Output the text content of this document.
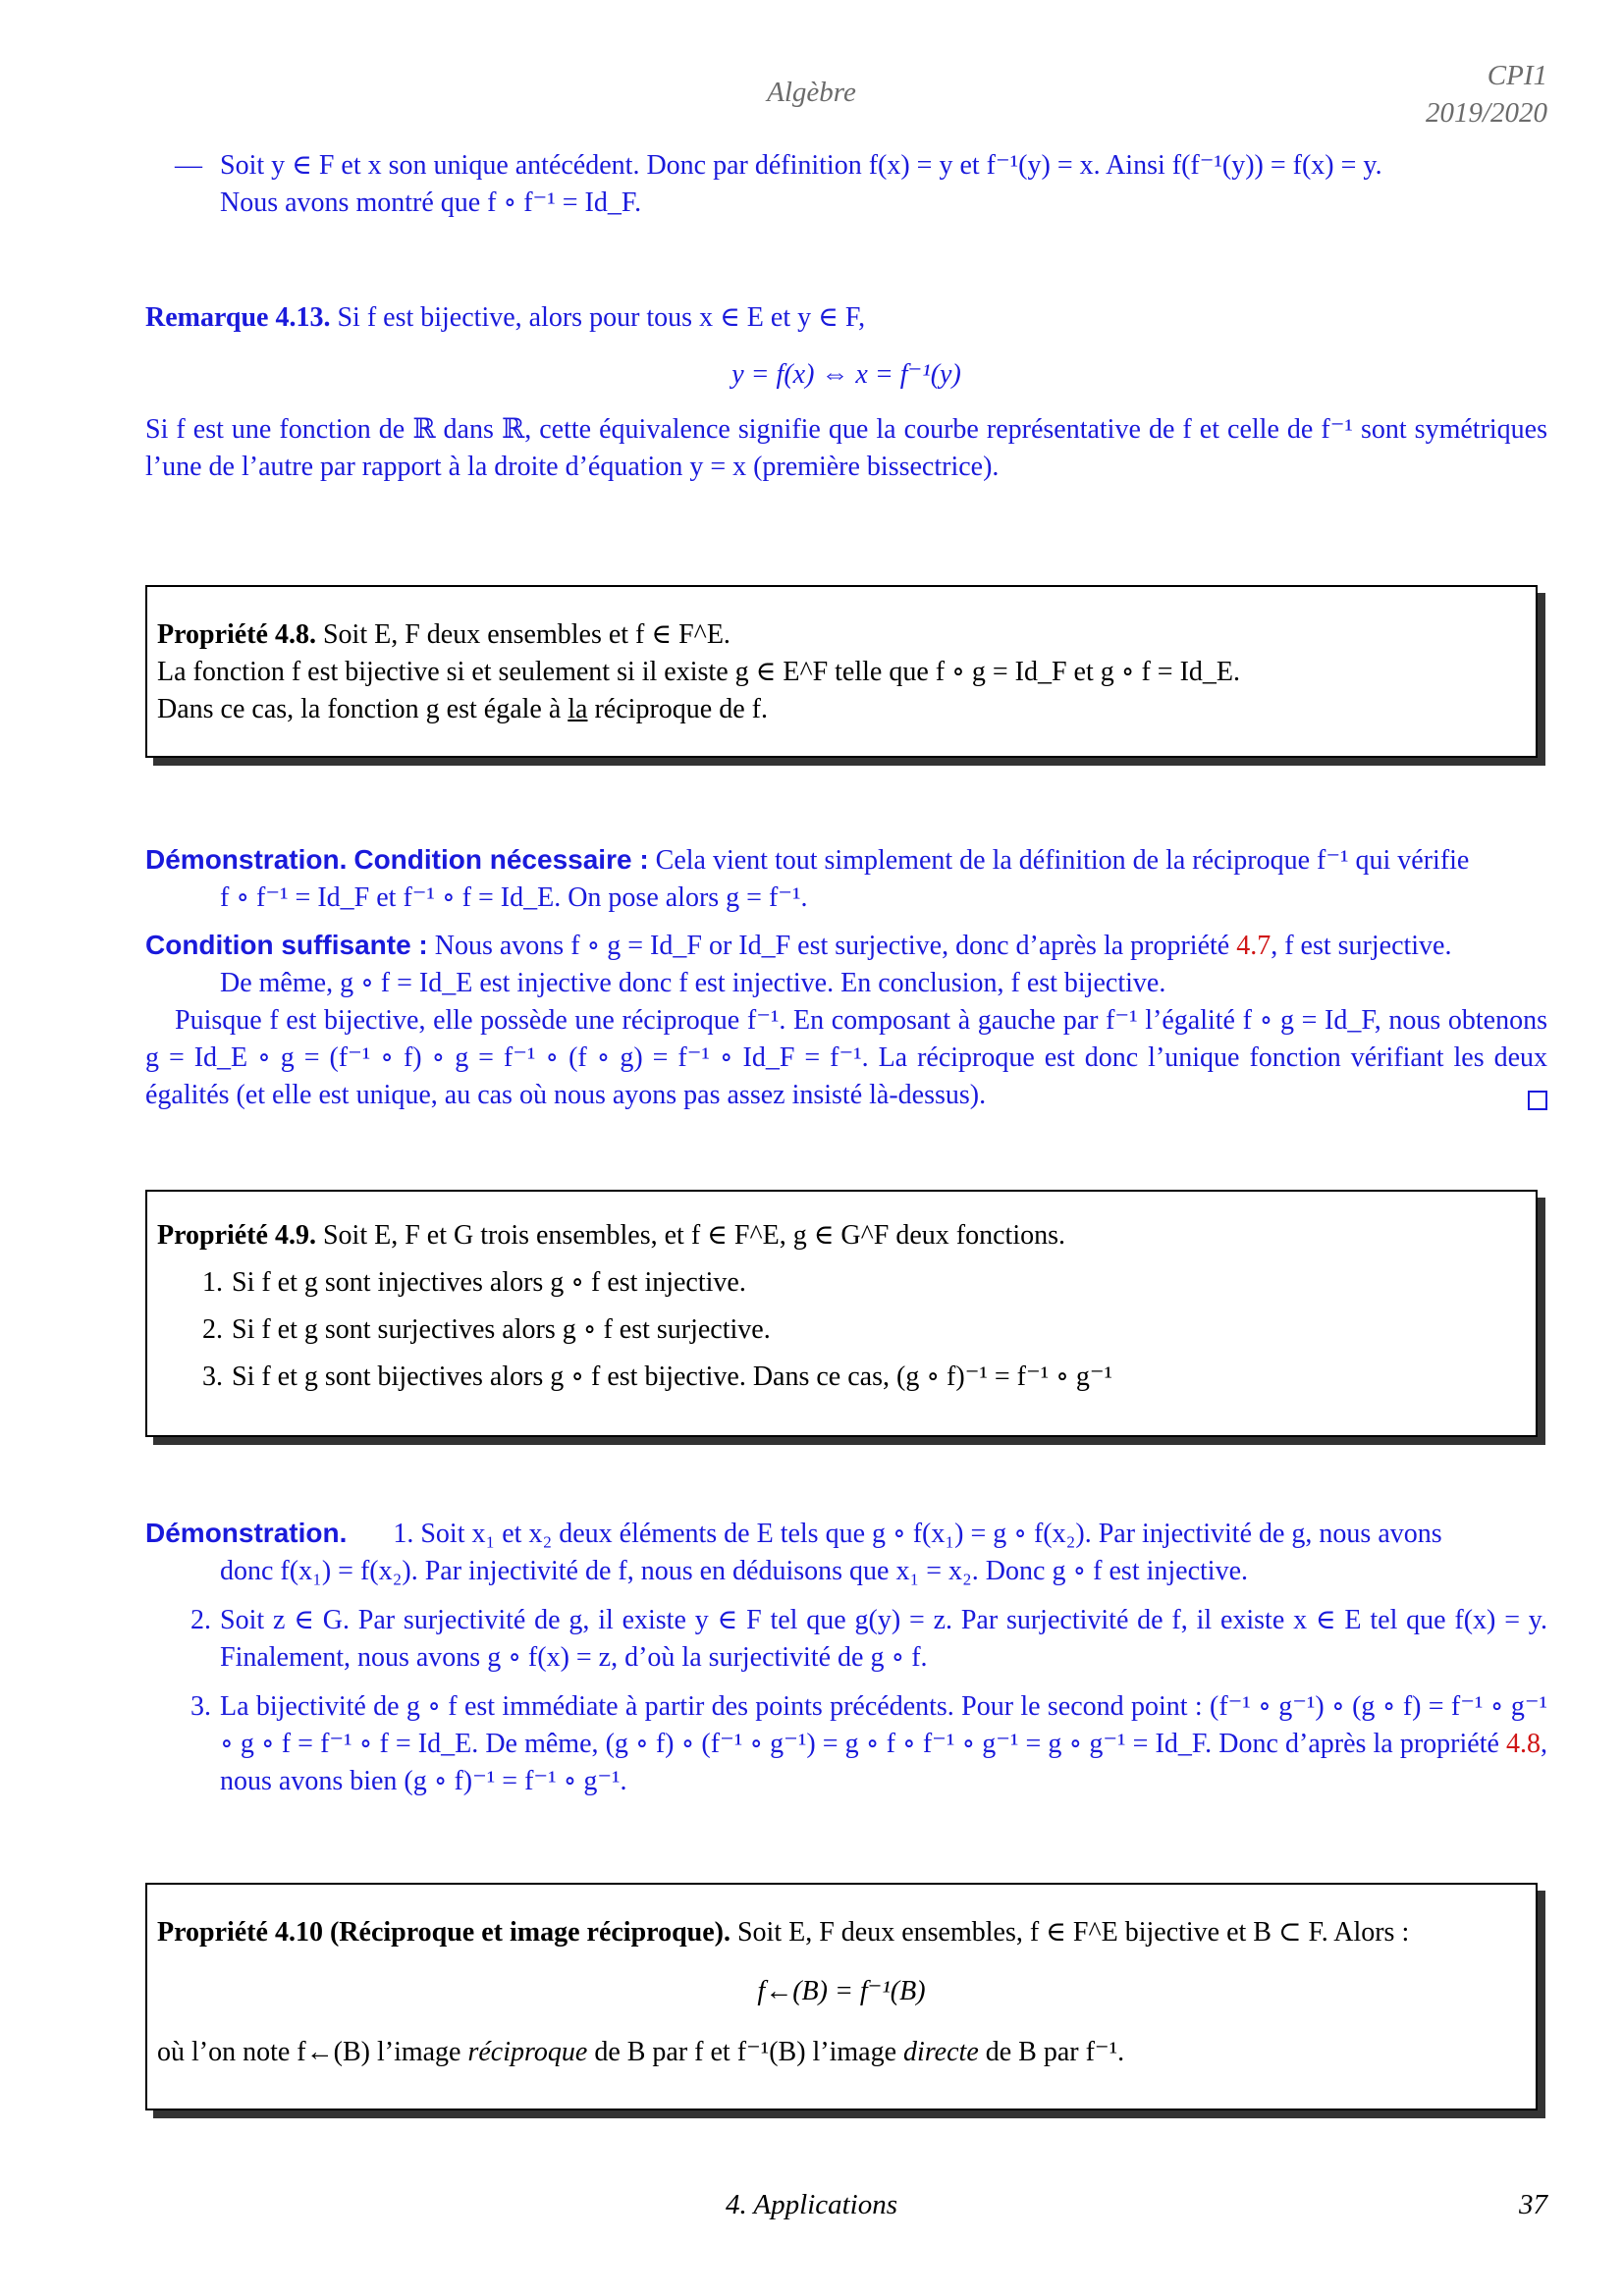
Algèbre
CPI1
2019/2020
— Soit y ∈ F et x son unique antécédent. Donc par définition f(x) = y et f⁻¹(y) = x. Ainsi f(f⁻¹(y)) = f(x) = y.
Nous avons montré que f ∘ f⁻¹ = Id_F.
Remarque 4.13. Si f est bijective, alors pour tous x ∈ E et y ∈ F,
y = f(x) ⇔ x = f⁻¹(y)
Si f est une fonction de ℝ dans ℝ, cette équivalence signifie que la courbe représentative de f et celle de f⁻¹ sont symétriques l’une de l’autre par rapport à la droite d’équation y = x (première bissectrice).
Propriété 4.8. Soit E, F deux ensembles et f ∈ F^E.
La fonction f est bijective si et seulement si il existe g ∈ E^F telle que f ∘ g = Id_F et g ∘ f = Id_E.
Dans ce cas, la fonction g est égale à la réciproque de f.
Démonstration. Condition nécessaire : Cela vient tout simplement de la définition de la réciproque f⁻¹ qui vérifie
f ∘ f⁻¹ = Id_F et f⁻¹ ∘ f = Id_E. On pose alors g = f⁻¹.
Condition suffisante : Nous avons f ∘ g = Id_F or Id_F est surjective, donc d’après la propriété 4.7, f est surjective.
De même, g ∘ f = Id_E est injective donc f est injective. En conclusion, f est bijective.
Puisque f est bijective, elle possède une réciproque f⁻¹. En composant à gauche par f⁻¹ l’égalité f ∘ g = Id_F, nous obtenons g = Id_E ∘ g = (f⁻¹ ∘ f) ∘ g = f⁻¹ ∘ (f ∘ g) = f⁻¹ ∘ Id_F = f⁻¹. La réciproque est donc l’unique fonction vérifiant les deux égalités (et elle est unique, au cas où nous ayons pas assez insisté là-dessus).
Propriété 4.9. Soit E, F et G trois ensembles, et f ∈ F^E, g ∈ G^F deux fonctions.
1. Si f et g sont injectives alors g ∘ f est injective.
2. Si f et g sont surjectives alors g ∘ f est surjective.
3. Si f et g sont bijectives alors g ∘ f est bijective. Dans ce cas, (g ∘ f)⁻¹ = f⁻¹ ∘ g⁻¹
Démonstration. 1. Soit x₁ et x₂ deux éléments de E tels que g ∘ f(x₁) = g ∘ f(x₂). Par injectivité de g, nous avons
donc f(x₁) = f(x₂). Par injectivité de f, nous en déduisons que x₁ = x₂. Donc g ∘ f est injective.
2. Soit z ∈ G. Par surjectivité de g, il existe y ∈ F tel que g(y) = z. Par surjectivité de f, il existe x ∈ E tel que f(x) = y. Finalement, nous avons g ∘ f(x) = z, d’où la surjectivité de g ∘ f.
3. La bijectivité de g ∘ f est immédiate à partir des points précédents. Pour le second point : (f⁻¹ ∘ g⁻¹) ∘ (g ∘ f) = f⁻¹ ∘ g⁻¹ ∘ g ∘ f = f⁻¹ ∘ f = Id_E. De même, (g ∘ f) ∘ (f⁻¹ ∘ g⁻¹) = g ∘ f ∘ f⁻¹ ∘ g⁻¹ = g ∘ g⁻¹ = Id_F. Donc d’après la propriété 4.8, nous avons bien (g ∘ f)⁻¹ = f⁻¹ ∘ g⁻¹.
Propriété 4.10 (Réciproque et image réciproque). Soit E, F deux ensembles, f ∈ F^E bijective et B ⊂ F. Alors :
f←(B) = f⁻¹(B)
où l’on note f←(B) l’image réciproque de B par f et f⁻¹(B) l’image directe de B par f⁻¹.
4. Applications	37
